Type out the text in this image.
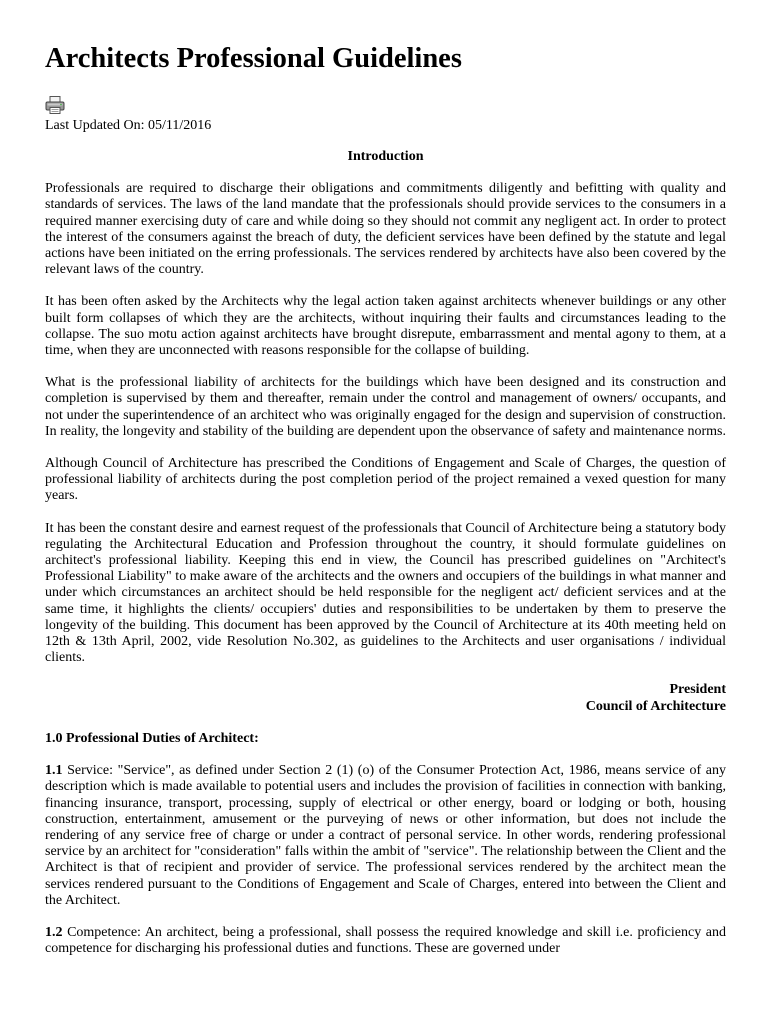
Architects Professional Guidelines
Last Updated On: 05/11/2016

Introduction

Professionals are required to discharge their obligations and commitments diligently and befitting with quality and standards of services. The laws of the land mandate that the professionals should provide services to the consumers in a required manner exercising duty of care and while doing so they should not commit any negligent act. In order to protect the interest of the consumers against the breach of duty, the deficient services have been defined by the statute and legal actions have been initiated on the erring professionals. The services rendered by architects have also been covered by the relevant laws of the country.

It has been often asked by the Architects why the legal action taken against architects whenever buildings or any other built form collapses of which they are the architects, without inquiring their faults and circumstances leading to the collapse. The suo motu action against architects have brought disrepute, embarrassment and mental agony to them, at a time, when they are unconnected with reasons responsible for the collapse of building.

What is the professional liability of architects for the buildings which have been designed and its construction and completion is supervised by them and thereafter, remain under the control and management of owners/ occupants, and not under the superintendence of an architect who was originally engaged for the design and supervision of construction. In reality, the longevity and stability of the building are dependent upon the observance of safety and maintenance norms.

Although Council of Architecture has prescribed the Conditions of Engagement and Scale of Charges, the question of professional liability of architects during the post completion period of the project remained a vexed question for many years.

It has been the constant desire and earnest request of the professionals that Council of Architecture being a statutory body regulating the Architectural Education and Profession throughout the country, it should formulate guidelines on architect's professional liability. Keeping this end in view, the Council has prescribed guidelines on "Architect's Professional Liability" to make aware of the architects and the owners and occupiers of the buildings in what manner and under which circumstances an architect should be held responsible for the negligent act/ deficient services and at the same time, it highlights the clients/ occupiers' duties and responsibilities to be undertaken by them to preserve the longevity of the building. This document has been approved by the Council of Architecture at its 40th meeting held on 12th & 13th April, 2002, vide Resolution No.302, as guidelines to the Architects and user organisations / individual clients.

President
Council of Architecture

1.0 Professional Duties of Architect:

1.1 Service: "Service", as defined under Section 2 (1) (o) of the Consumer Protection Act, 1986, means service of any description which is made available to potential users and includes the provision of facilities in connection with banking, financing insurance, transport, processing, supply of electrical or other energy, board or lodging or both, housing construction, entertainment, amusement or the purveying of news or other information, but does not include the rendering of any service free of charge or under a contract of personal service. In other words, rendering professional service by an architect for "consideration" falls within the ambit of "service". The relationship between the Client and the Architect is that of recipient and provider of service. The professional services rendered by the architect mean the services rendered pursuant to the Conditions of Engagement and Scale of Charges, entered into between the Client and the Architect.

1.2 Competence: An architect, being a professional, shall possess the required knowledge and skill i.e. proficiency and competence for discharging his professional duties and functions. These are governed under
